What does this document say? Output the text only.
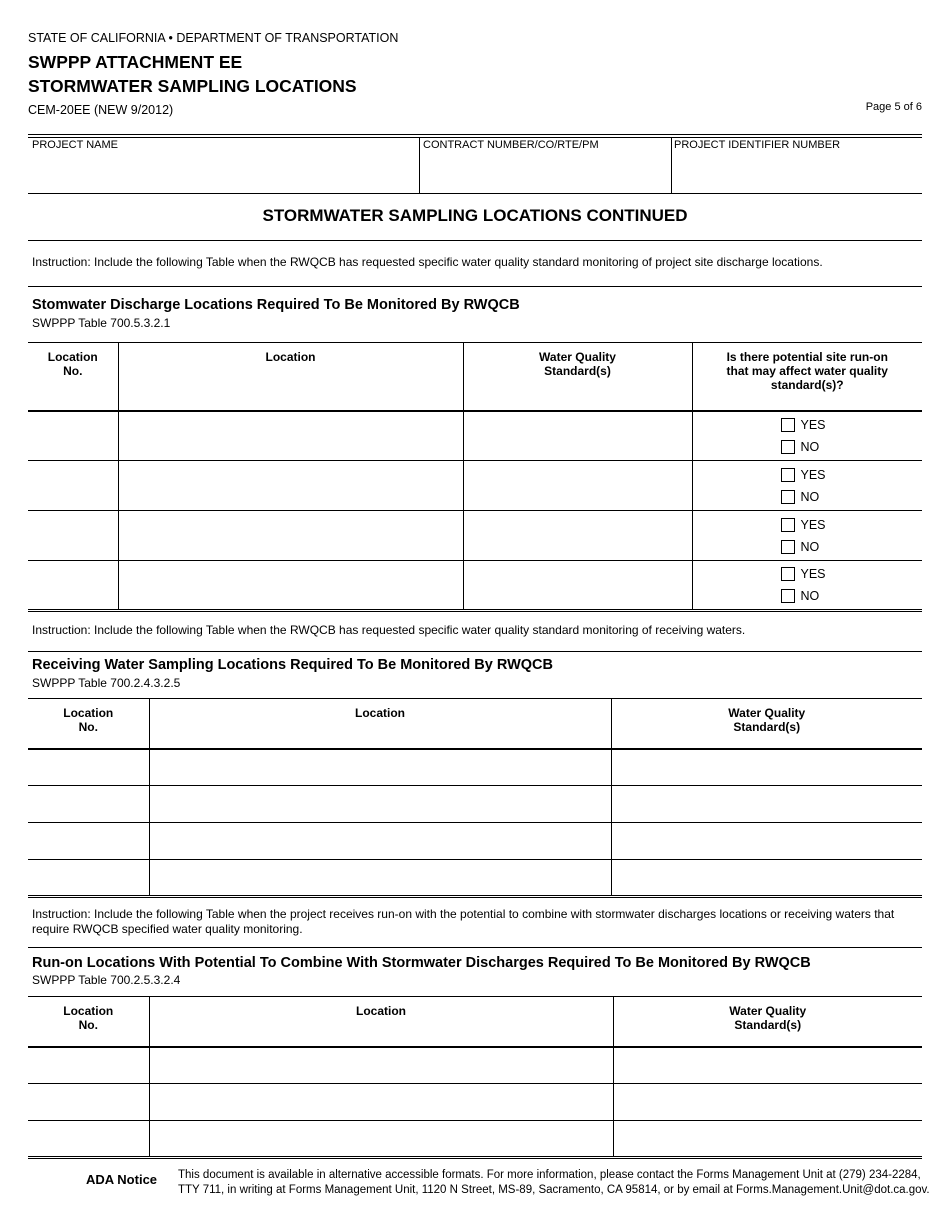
STATE OF CALIFORNIA • DEPARTMENT OF TRANSPORTATION
SWPPP ATTACHMENT EE
STORMWATER SAMPLING LOCATIONS
CEM-20EE (NEW 9/2012)	Page 5 of 6
PROJECT NAME	CONTRACT NUMBER/CO/RTE/PM	PROJECT IDENTIFIER NUMBER
STORMWATER SAMPLING LOCATIONS CONTINUED
Instruction: Include the following Table when the RWQCB has requested specific water quality standard monitoring of project site discharge locations.
Stomwater Discharge Locations Required To Be Monitored By RWQCB
SWPPP Table 700.5.3.2.1
Location No.	Location	Water Quality Standard(s)	Is there potential site run-on that may affect water quality standard(s)?

			YES
NO

			YES
NO

			YES
NO

			YES
NO
Instruction: Include the following Table when the RWQCB has requested specific water quality standard monitoring of receiving waters.
Receiving Water Sampling Locations Required To Be Monitored By RWQCB
SWPPP Table 700.2.4.3.2.5
Location No.	Location	Water Quality Standard(s)

Instruction: Include the following Table when the project receives run-on with the potential to combine with stormwater discharges locations or receiving waters that require RWQCB specified water quality monitoring.
Run-on Locations With Potential To Combine With Stormwater Discharges Required To Be Monitored By RWQCB
SWPPP Table 700.2.5.3.2.4
Location No.	Location	Water Quality Standard(s)

ADA Notice This document is available in alternative accessible formats. For more information, please contact the Forms Management Unit at (279) 234-2284,
TTY 711, in writing at Forms Management Unit, 1120 N Street, MS-89, Sacramento, CA 95814, or by email at Forms.Management.Unit@dot.ca.gov.
